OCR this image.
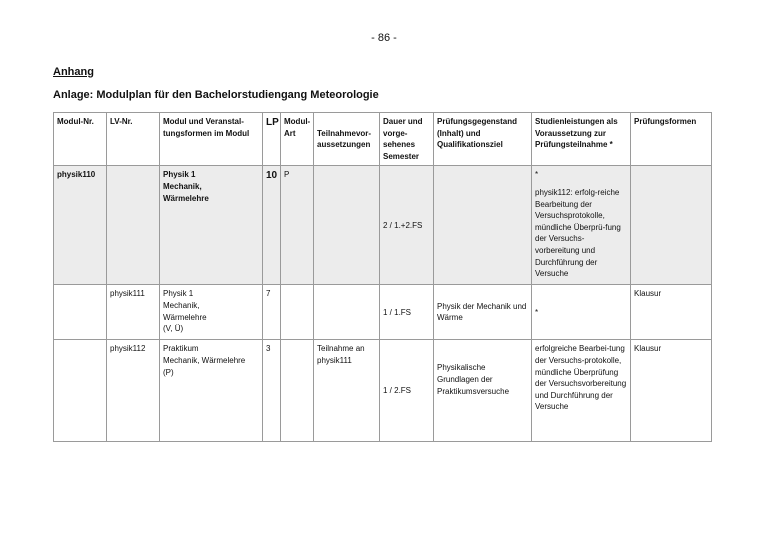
- 86 -
Anhang
Anlage: Modulplan für den Bachelorstudiengang Meteorologie
Modul-Nr.	LV-Nr.	Modul und Veranstal-tungsformen im Modul	LP	Modul-Art	Teilnahmevor-aussetzungen	Dauer und vorge-sehenes Semester	Prüfungsgegenstand (Inhalt) und Qualifikationsziel	Studienleistungen als Voraussetzung zur Prüfungsteilnahme *	Prüfungsformen
physik110		Physik 1
Mechanik,
Wärmelehre	10	P		2 / 1.+2.FS		*
physik112: erfolg-reiche Bearbeitung der Versuchsprotokolle, mündliche Überprü-fung der Versuchs-vorbereitung und Durchführung der Versuche	

	physik111	Physik 1
Mechanik,
Wärmelehre
(V, Ü)	7			1 / 1.FS	Physik der Mechanik und Wärme	*	Klausur
	physik112	Praktikum
Mechanik, Wärmelehre
(P)	3		Teilnahme an physik111	1 / 2.FS	Physikalische Grundlagen der Praktikumsversuche	erfolgreiche Bearbei-tung der Versuchs-protokolle, mündliche Überprüfung der Versuchsvorbereitung und Durchführung der Versuche	Klausur
